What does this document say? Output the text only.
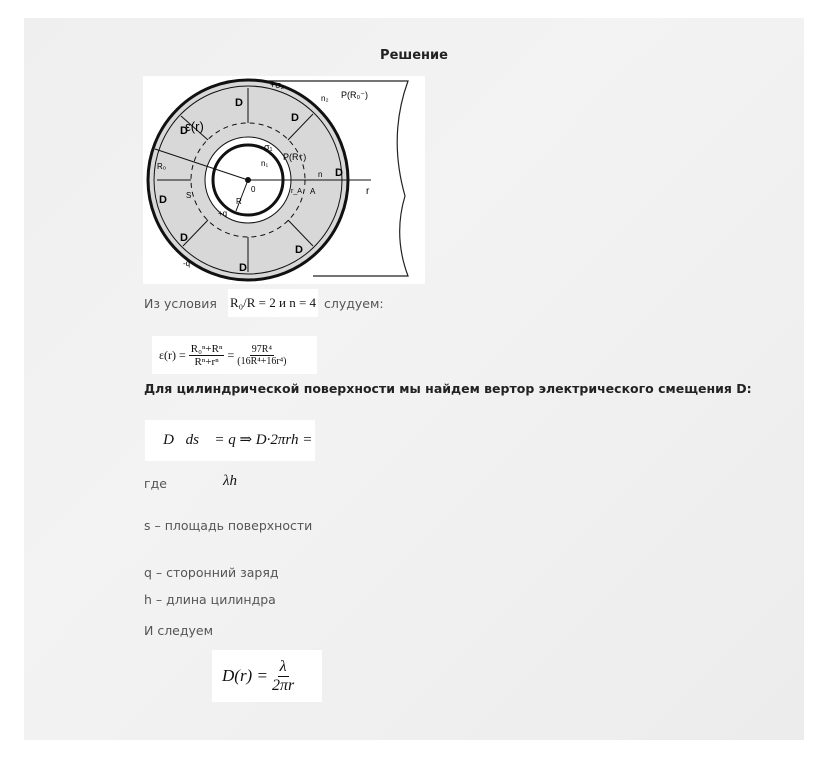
Решение
ε(r)
D
D
D
D
D
D
D
D
R₀
R
0
S	r
A
r_A
n
n₁
n₂
P(R⁺)
P(R₀⁻)
-σ₁
+σ₂
+q
-q
Из условия R₀/R = 2 и n = 4 слудуем:
$\varepsilon(r) = \frac{\text{R₀ⁿ+Rⁿ}}{\text{Rⁿ+rⁿ}} = \frac{\text{97R⁴}}{\text{(16R⁴+16r⁴)}}$
Для цилиндрической поверхности мы найдем вертор электрического смещения D:
∮ D⃗ds⃗ = q ⇒ D·2πrh = λh
где
s – площадь поверхности
q – сторонний заряд
h – длина цилиндра
И следуем
$D(r) = \frac{\lambda}{2\pi r}$
